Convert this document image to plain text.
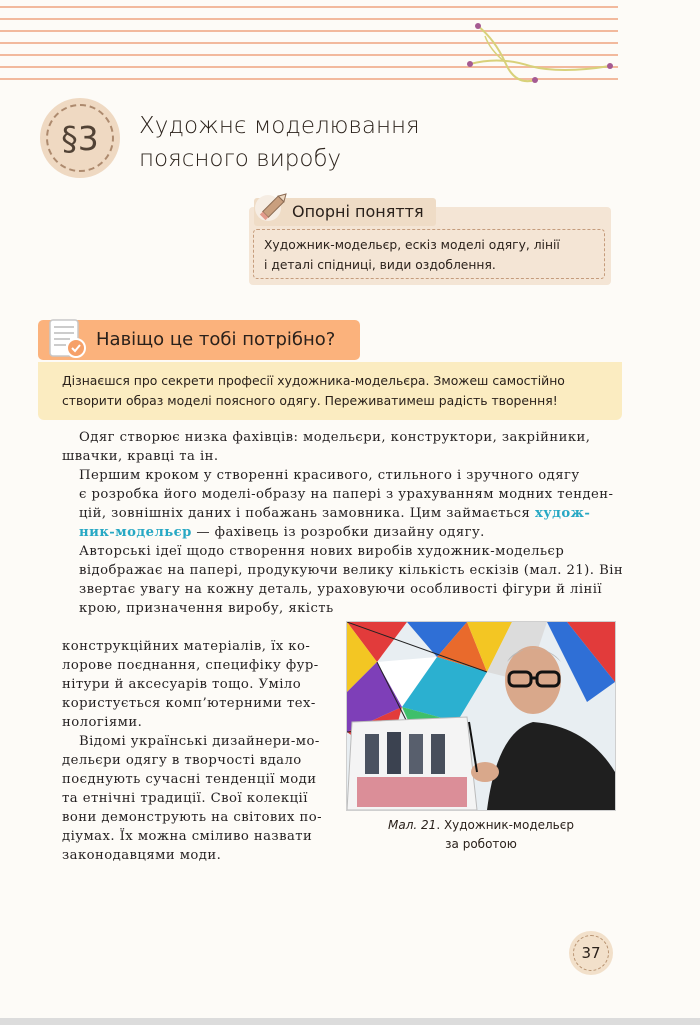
§3	Художнє моделювання
поясного виробу
Художник-модельєр, ескіз моделі одягу, лінії
і деталі спідниці, види оздоблення.
Опорні поняття
Навіщо це тобі потрібно?
Дізнаєшся про секрети професії художника-модельєра. Зможеш самостійно
створити образ моделі поясного одягу. Переживатимеш радість творення!

Одяг створює низка фахівців: модельєри, конструктори, закрійники,
швачки, кравці та ін.

Першим кроком у створенні красивого, стильного і зручного одягу
є розробка його моделі-образу на папері з урахуванням модних тенден-
цій, зовнішніх даних і побажань замовника. Цим займається худож-
ник-модельєр — фахівець із розробки дизайну одягу.

Авторські ідеї щодо створення нових виробів художник-модельєр
відображає на папері, продукуючи велику кількість ескізів (мал. 21). Він
звертає увагу на кожну деталь, ураховуючи особливості фігури й лінії
крою, призначення виробу, якість

конструкційних матеріалів, їх ко-
лорове поєднання, специфіку фур-
нітури й аксесуарів тощо. Уміло
користується комп’ютерними тех-
нологіями.

Відомі українські дизайнери-мо-
дельєри одягу в творчості вдало
поєднують сучасні тенденції моди
та етнічні традиції. Свої колекції
вони демонструють на світових по-
діумах. Їх можна сміливо назвати
законодавцями моди.

Мал. 21. Художник-модельєр
за роботою
37
